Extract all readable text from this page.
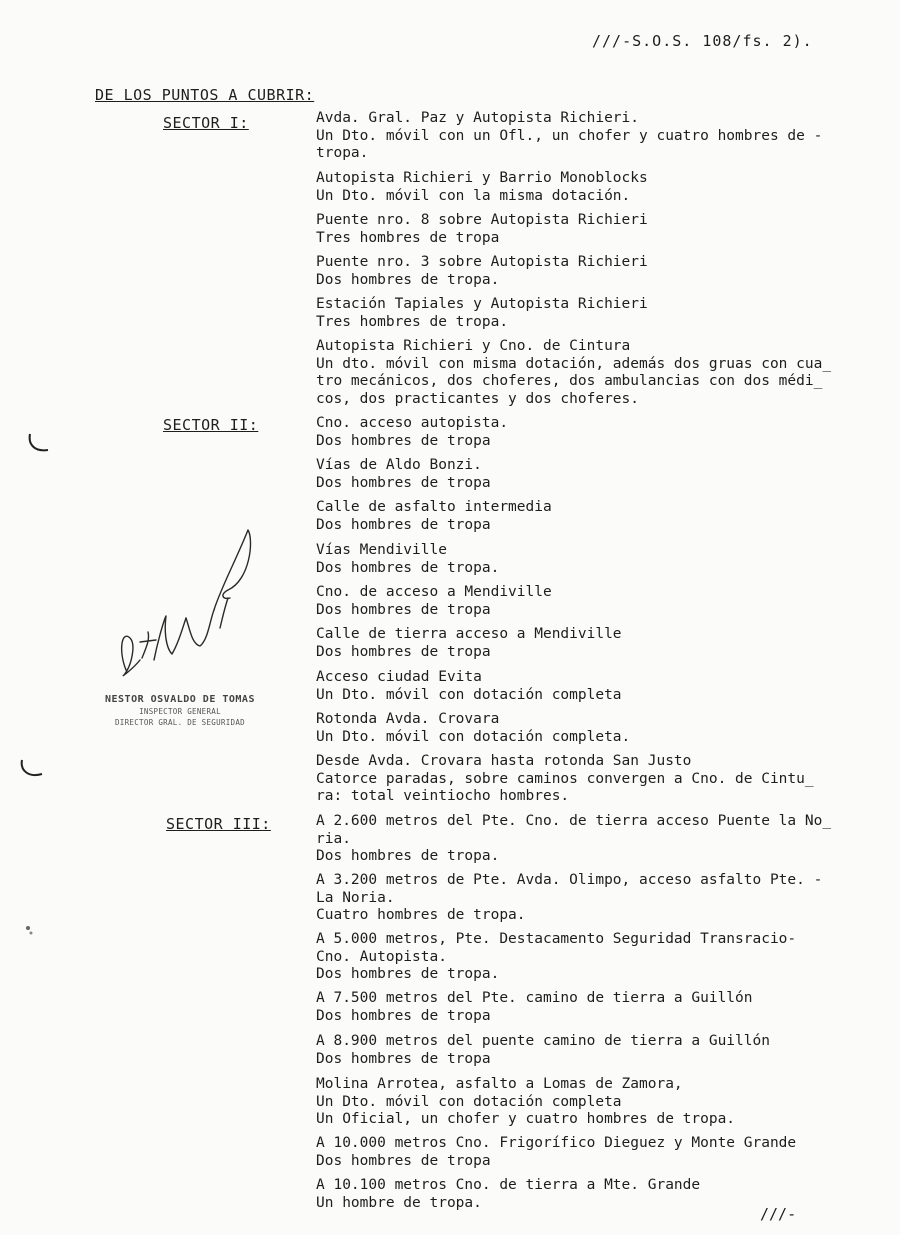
///-S.O.S. 108/fs. 2).
DE LOS PUNTOS A CUBRIR:
SECTOR I:
SECTOR II:
SECTOR III:
Avda. Gral. Paz y Autopista Richieri.
Un Dto. móvil con un Ofl., un chofer y cuatro hombres de -
tropa.
Autopista Richieri y Barrio Monoblocks
Un Dto. móvil con la misma dotación.
Puente nro. 8 sobre Autopista Richieri
Tres hombres de tropa
Puente nro. 3 sobre Autopista Richieri
Dos hombres de tropa.
Estación Tapiales y Autopista Richieri
Tres hombres de tropa.
Autopista Richieri y Cno. de Cintura
Un dto. móvil con misma dotación, además dos gruas con cua_
tro mecánicos, dos choferes, dos ambulancias con dos médi_
cos, dos practicantes y dos choferes.
Cno. acceso autopista.
Dos hombres de tropa
Vías de Aldo Bonzi.
Dos hombres de tropa
Calle de asfalto intermedia
Dos hombres de tropa
Vías Mendiville
Dos hombres de tropa.
Cno. de acceso a Mendiville
Dos hombres de tropa
Calle de tierra acceso a Mendiville
Dos hombres de tropa
Acceso ciudad Evita
Un Dto. móvil con dotación completa
Rotonda Avda. Crovara
Un Dto. móvil con dotación completa.
Desde Avda. Crovara hasta rotonda San Justo
Catorce paradas, sobre caminos convergen a Cno. de Cintu_
ra: total veintiocho hombres.
A 2.600 metros del Pte. Cno. de tierra acceso Puente la No_
ria.
Dos hombres de tropa.
A 3.200 metros de Pte. Avda. Olimpo, acceso asfalto Pte. -
La Noria.
Cuatro hombres de tropa.
A 5.000 metros, Pte. Destacamento Seguridad Transracio-
Cno. Autopista.
Dos hombres de tropa.
A 7.500 metros del Pte. camino de tierra a Guillón
Dos hombres de tropa
A 8.900 metros del puente camino de tierra a Guillón
Dos hombres de tropa
Molina Arrotea, asfalto a Lomas de Zamora,
Un Dto. móvil con dotación completa
Un Oficial, un chofer y cuatro hombres de tropa.
A 10.000 metros Cno. Frigorífico Dieguez y Monte Grande
Dos hombres de tropa
A 10.100 metros Cno. de tierra a Mte. Grande
Un hombre de tropa.
NESTOR OSVALDO DE TOMAS
INSPECTOR GENERAL
DIRECTOR GRAL. DE SEGURIDAD
///-
